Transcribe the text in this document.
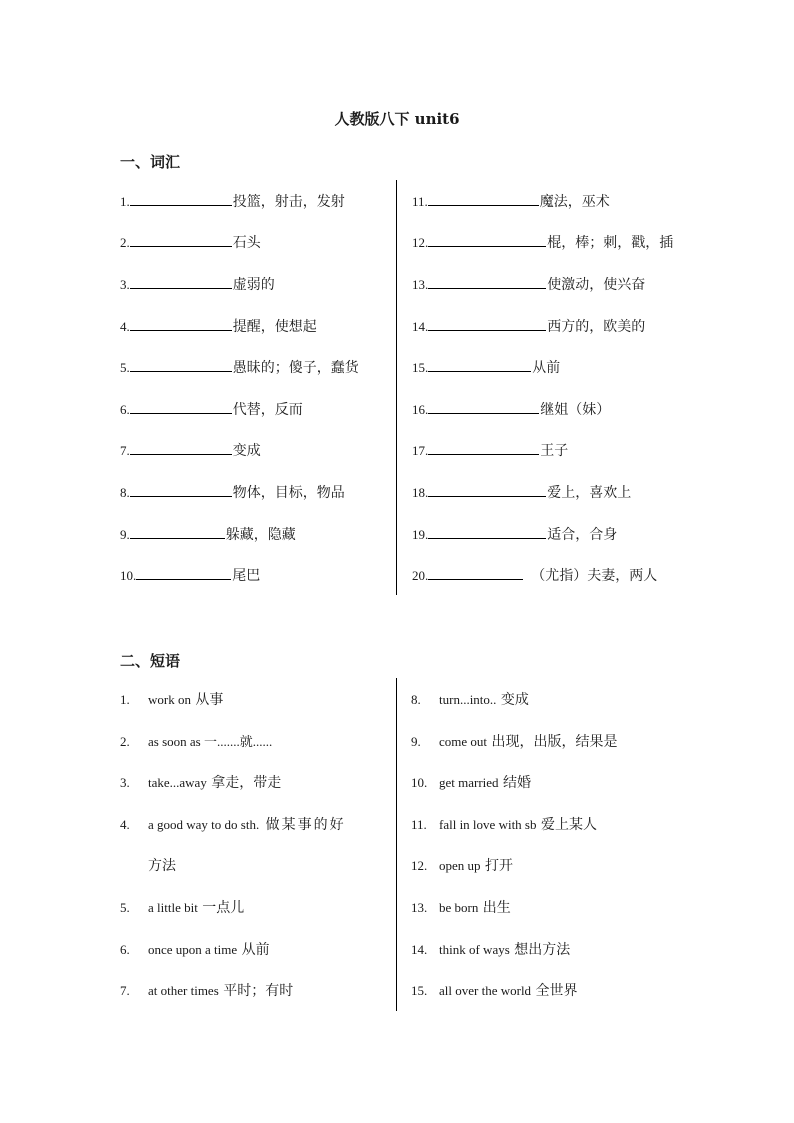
人教版八下 unit6
一、词汇
1.	投篮，射击，发射
2.	石头
3.	虚弱的
4.	提醒，使想起
5.	愚昧的；傻子，蠢货
6.	代替，反而
7.	变成
8.	物体，目标，物品
9.	躲藏，隐藏
10.	尾巴
11.	魔法，巫术
12.	棍，棒；刺，戳，插
13.	使激动，使兴奋
14.	西方的，欧美的
15.	从前
16.	继姐（妹）
17.	王子
18.	爱上，喜欢上
19.	适合，合身
20.	（尤指）夫妻，两人
二、短语
1. work on 从事
2. as soon as 一.......就......
3. take...away 拿走，带走
4. a good way to do sth. 做某事的好
方法
5. a little bit 一点儿
6. once upon a time 从前
7. at other times 平时；有时
8. turn...into.. 变成
9. come out 出现，出版，结果是
10. get married 结婚
11. fall in love with sb 爱上某人
12. open up 打开
13. be born 出生
14. think of ways 想出方法
15. all over the world 全世界
